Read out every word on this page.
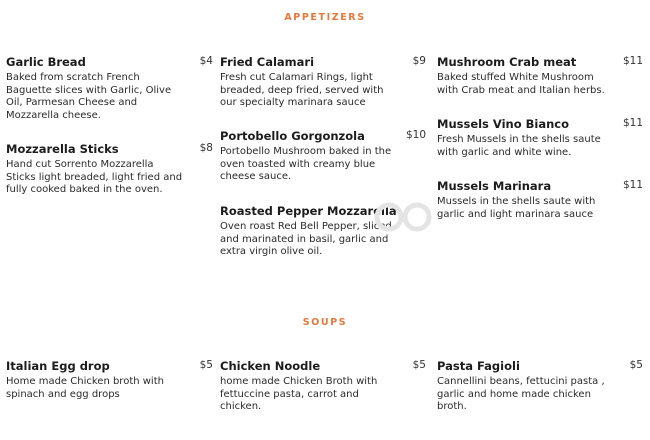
APPETIZERS
Garlic Bread	$4
Baked from scratch French Baguette slices with Garlic, Olive Oil, Parmesan Cheese and Mozzarella cheese.
Mozzarella Sticks	$8
Hand cut Sorrento Mozzarella Sticks light breaded, light fried and fully cooked baked in the oven.
Fried Calamari	$9
Fresh cut Calamari Rings, light breaded, deep fried, served with our specialty marinara sauce
Portobello Gorgonzola	$10
Portobello Mushroom baked in the oven toasted with creamy blue cheese sauce.
Roasted Pepper Mozzarella
Oven roast Red Bell Pepper, sliced and marinated in basil, garlic and extra virgin olive oil.
Mushroom Crab meat	$11
Baked stuffed White Mushroom with Crab meat and Italian herbs.
Mussels Vino Bianco	$11
Fresh Mussels in the shells saute with garlic and white wine.
Mussels Marinara	$11
Mussels in the shells saute with garlic and light marinara sauce
SOUPS
Italian Egg drop	$5
Home made Chicken broth with spinach and egg drops
Chicken Noodle	$5
home made Chicken Broth with fettuccine pasta, carrot and chicken.
Pasta Fagioli	$5
Cannellini beans, fettucini pasta , garlic and home made chicken broth.
